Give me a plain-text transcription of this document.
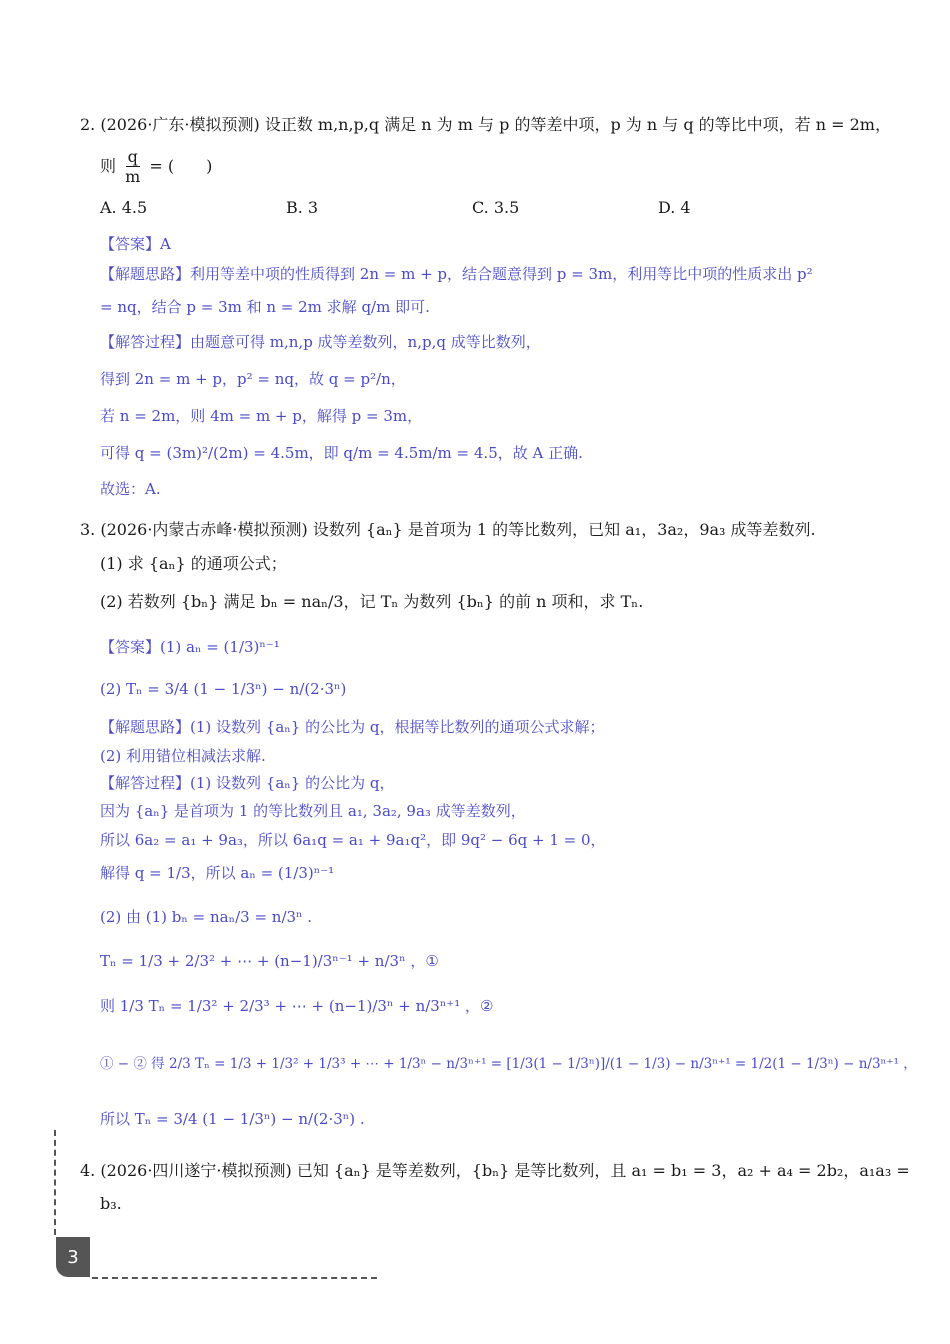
2. (2026·广东·模拟预测) 设正数 m,n,p,q 满足 n 为 m 与 p 的等差中项，p 为 n 与 q 的等比中项，若 n = 2m，
则 $\frac{q}{m}$ = (　　)
A. 4.5	B. 3	C. 3.5	D. 4
【答案】A
【解题思路】利用等差中项的性质得到 2n = m + p，结合题意得到 p = 3m，利用等比中项的性质求出 p²
= nq，结合 p = 3m 和 n = 2m 求解 q/m 即可.
【解答过程】由题意可得 m,n,p 成等差数列，n,p,q 成等比数列，
得到 2n = m + p，p² = nq，故 q = p²/n，
若 n = 2m，则 4m = m + p，解得 p = 3m，
可得 q = (3m)²/(2m) = 4.5m，即 q/m = 4.5m/m = 4.5，故 A 正确.
故选：A.
3. (2026·内蒙古赤峰·模拟预测) 设数列 {aₙ} 是首项为 1 的等比数列，已知 a₁，3a₂，9a₃ 成等差数列.
(1) 求 {aₙ} 的通项公式；
(2) 若数列 {bₙ} 满足 bₙ = naₙ/3，记 Tₙ 为数列 {bₙ} 的前 n 项和，求 Tₙ.
【答案】(1) aₙ = (1/3)ⁿ⁻¹
(2) Tₙ = 3/4 (1 − 1/3ⁿ) − n/(2·3ⁿ)
【解题思路】(1) 设数列 {aₙ} 的公比为 q，根据等比数列的通项公式求解；
(2) 利用错位相减法求解.
【解答过程】(1) 设数列 {aₙ} 的公比为 q，
因为 {aₙ} 是首项为 1 的等比数列且 a₁, 3a₂, 9a₃ 成等差数列，
所以 6a₂ = a₁ + 9a₃，所以 6a₁q = a₁ + 9a₁q²，即 9q² − 6q + 1 = 0，
解得 q = 1/3，所以 aₙ = (1/3)ⁿ⁻¹
(2) 由 (1) bₙ = naₙ/3 = n/3ⁿ .
Tₙ = 1/3 + 2/3² + ⋯ + (n−1)/3ⁿ⁻¹ + n/3ⁿ ，①
则 1/3 Tₙ = 1/3² + 2/3³ + ⋯ + (n−1)/3ⁿ + n/3ⁿ⁺¹ ，②
① − ② 得 2/3 Tₙ = 1/3 + 1/3² + 1/3³ + ⋯ + 1/3ⁿ − n/3ⁿ⁺¹ = [1/3(1 − 1/3ⁿ)]/(1 − 1/3) − n/3ⁿ⁺¹ = 1/2(1 − 1/3ⁿ) − n/3ⁿ⁺¹ ，
所以 Tₙ = 3/4 (1 − 1/3ⁿ) − n/(2·3ⁿ) .
4. (2026·四川遂宁·模拟预测) 已知 {aₙ} 是等差数列，{bₙ} 是等比数列，且 a₁ = b₁ = 3，a₂ + a₄ = 2b₂，a₁a₃ =
b₃.
3
